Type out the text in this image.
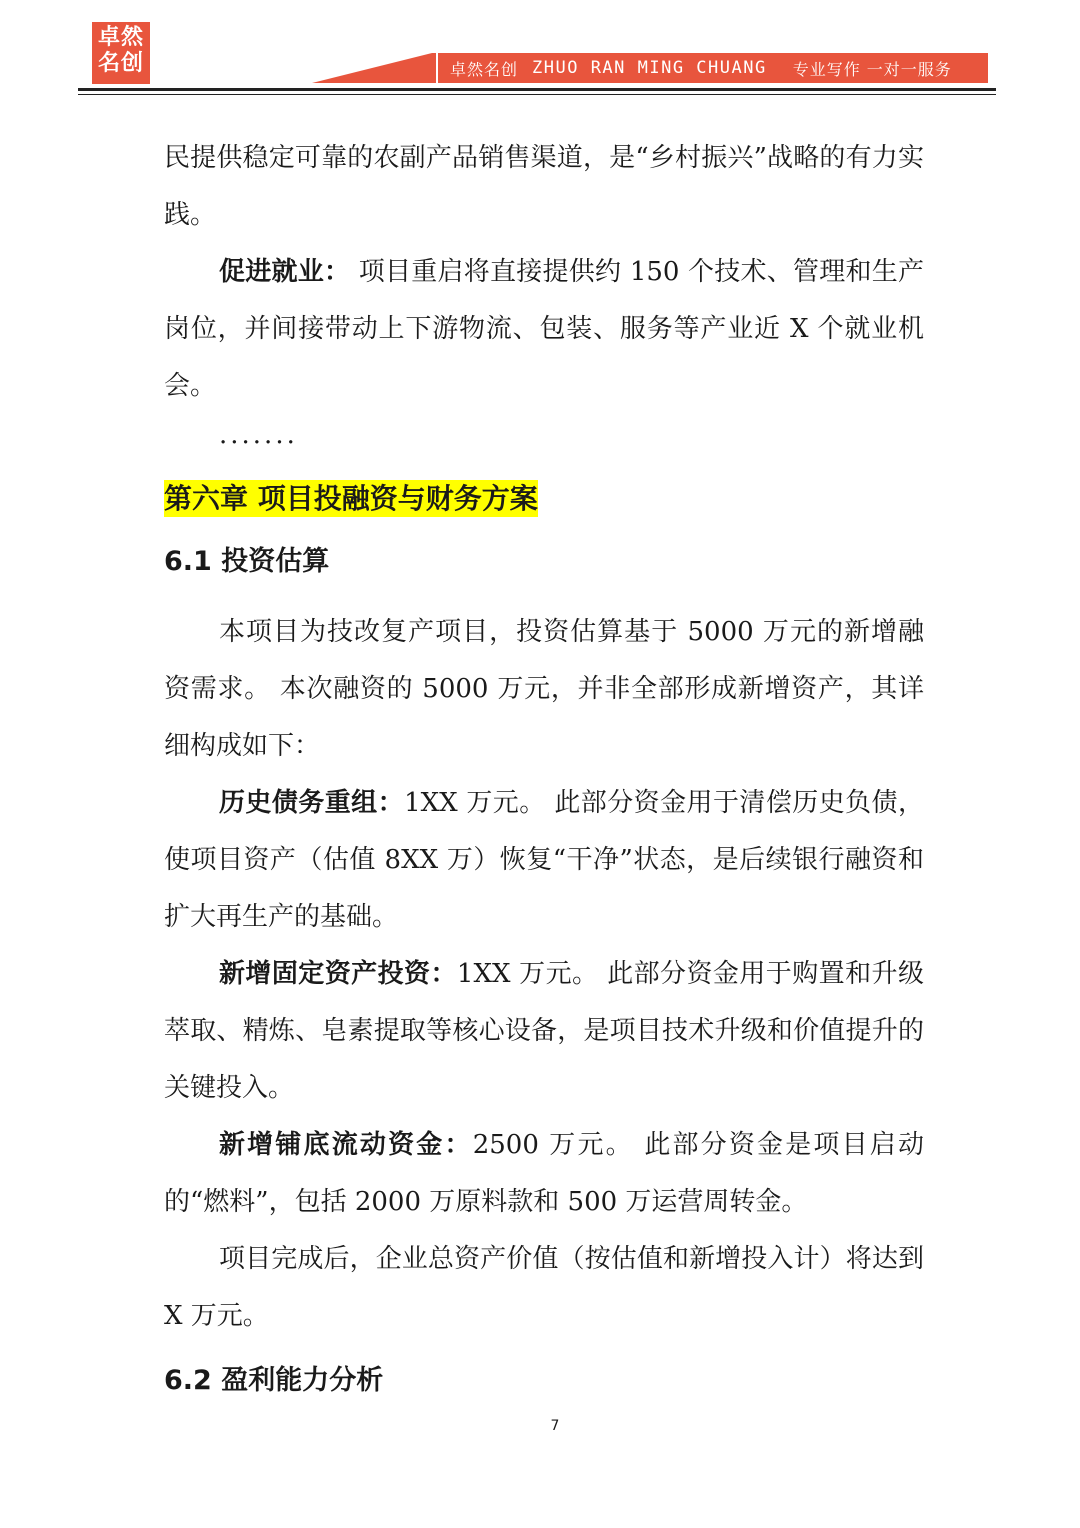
卓然
名创	卓然名创 ZHUO RAN MING CHUANG 专业写作 一对一服务

民提供稳定可靠的农副产品销售渠道，是“乡村振兴”战略的有力实践。

促进就业： 项目重启将直接提供约 150 个技术、管理和生产岗位，并间接带动上下游物流、包装、服务等产业近 X 个就业机会。

·······
第六章 项目投融资与财务方案
6.1 投资估算

本项目为技改复产项目，投资估算基于 5000 万元的新增融资需求。 本次融资的 5000 万元，并非全部形成新增资产，其详细构成如下：

历史债务重组：1XX 万元。 此部分资金用于清偿历史负债，使项目资产（估值 8XX 万）恢复“干净”状态，是后续银行融资和扩大再生产的基础。

新增固定资产投资：1XX 万元。 此部分资金用于购置和升级萃取、精炼、皂素提取等核心设备，是项目技术升级和价值提升的关键投入。

新增铺底流动资金：2500 万元。 此部分资金是项目启动的“燃料”，包括 2000 万原料款和 500 万运营周转金。

项目完成后，企业总资产价值（按估值和新增投入计）将达到 X 万元。

6.2 盈利能力分析
7
